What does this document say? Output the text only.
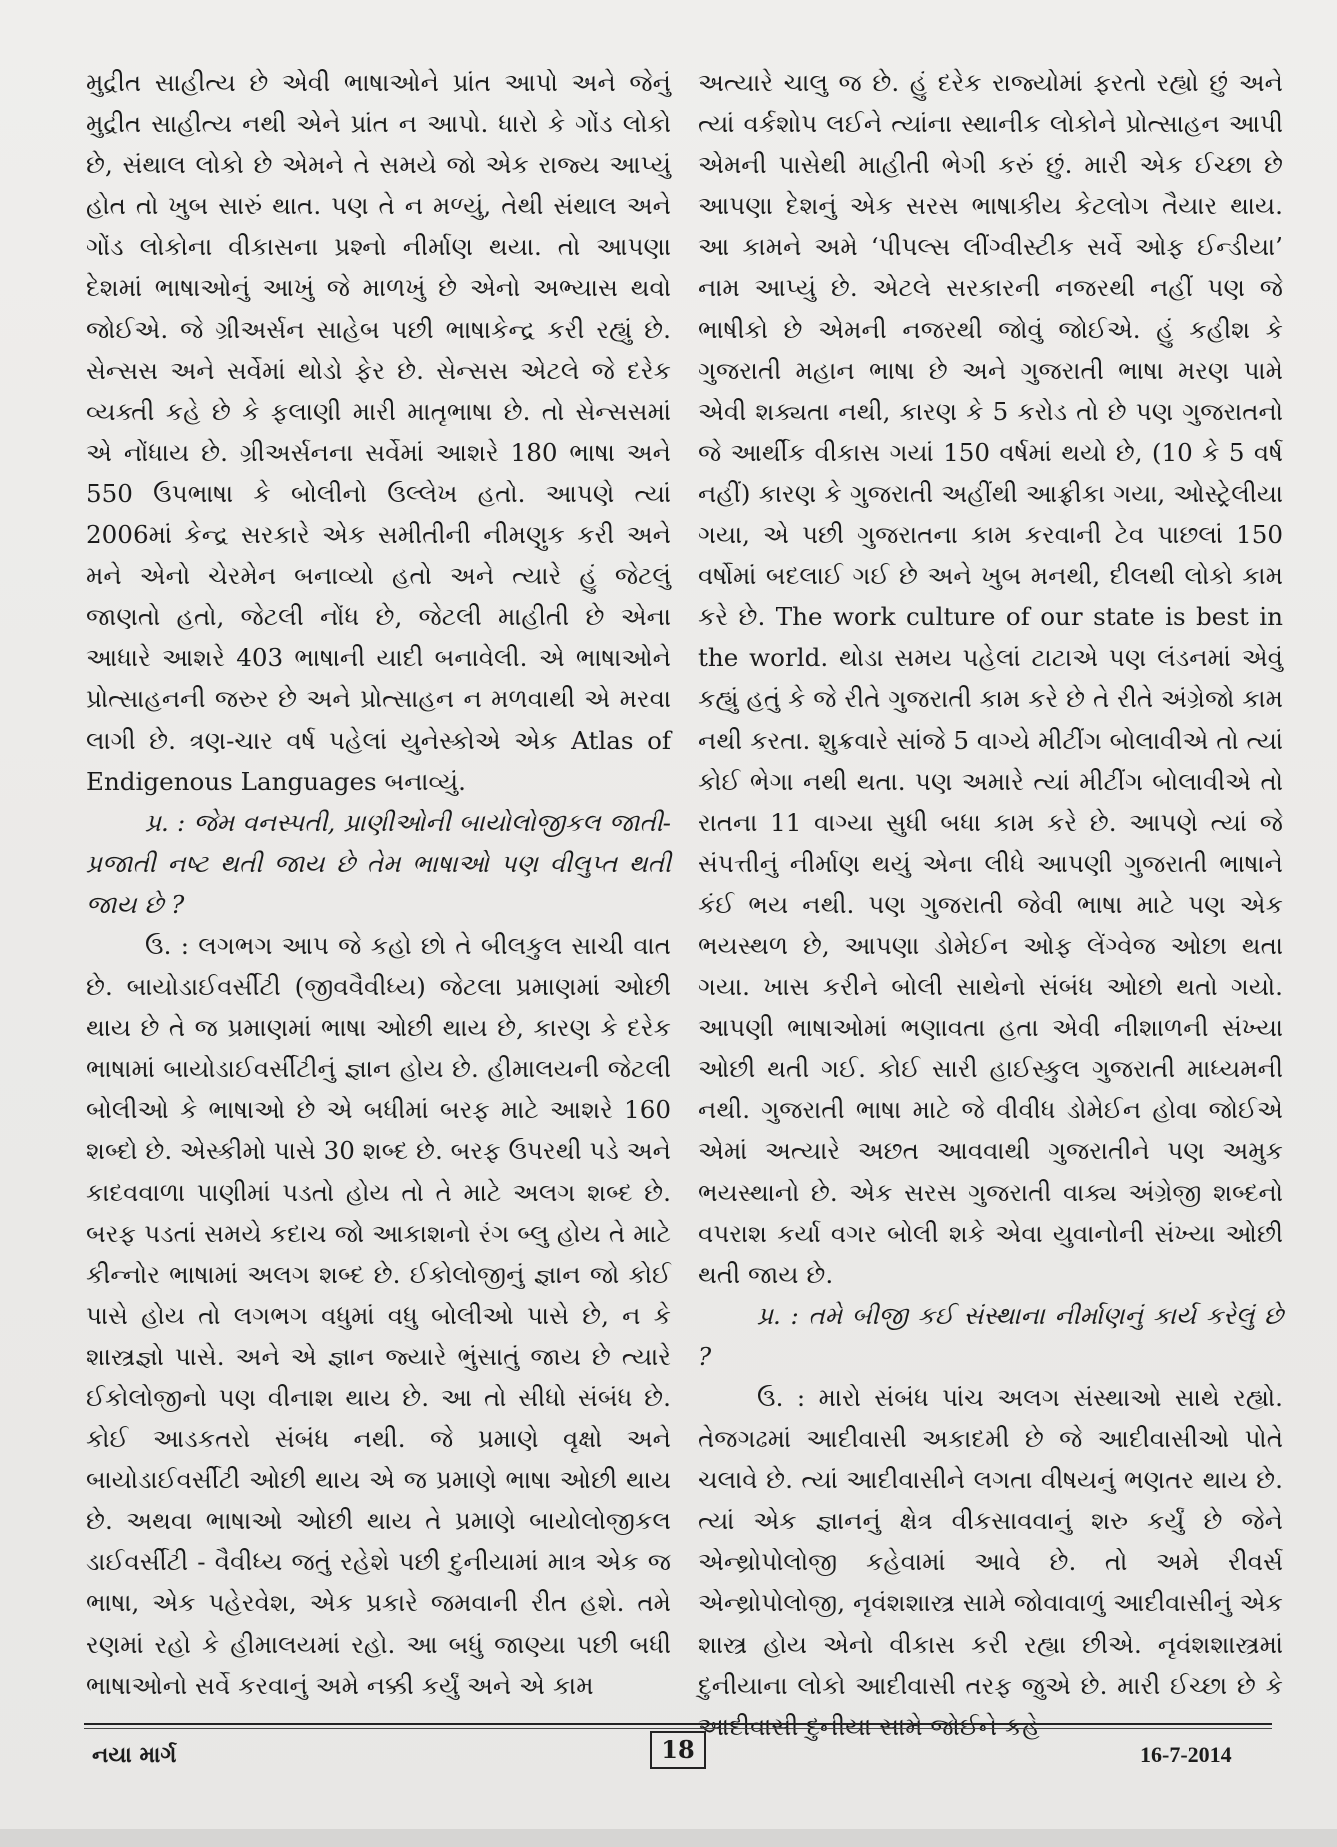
મુદ્રીત સાહીત્ય છે એવી ભાષાઓને પ્રાંત આપો અને જેનું મુદ્રીત સાહીત્ય નથી એને પ્રાંત ન આપો. ધારો કે ગોંડ લોકો છે, સંથાલ લોકો છે એમને તે સમયે જો એક રાજ્ય આપ્યું હોત તો ખુબ સારું થાત. પણ તે ન મળ્યું, તેથી સંથાલ અને ગોંડ લોકોના વીકાસના પ્રશ્નો નીર્માણ થયા. તો આપણા દેશમાં ભાષાઓનું આખું જે માળખું છે એનો અભ્યાસ થવો જોઈએ. જે ગ્રીઅર્સન સાહેબ પછી ભાષાકેન્દ્ર કરી રહ્યું છે. સેન્સસ અને સર્વેમાં થોડો ફેર છે. સેન્સસ એટલે જે દરેક વ્યક્તી કહે છે કે ફલાણી મારી માતૃભાષા છે. તો સેન્સસમાં એ નોંધાય છે. ગ્રીઅર્સનના સર્વેમાં આશરે 180 ભાષા અને 550 ઉપભાષા કે બોલીનો ઉલ્લેખ હતો. આપણે ત્યાં 2006માં કેન્દ્ર સરકારે એક સમીતીની નીમણુક કરી અને મને એનો ચેરમેન બનાવ્યો હતો અને ત્યારે હું જેટલું જાણતો હતો, જેટલી નોંધ છે, જેટલી માહીતી છે એના આધારે આશરે 403 ભાષાની યાદી બનાવેલી. એ ભાષાઓને પ્રોત્સાહનની જરુર છે અને પ્રોત્સાહન ન મળવાથી એ મરવા લાગી છે. ત્રણ-ચાર વર્ષ પહેલાં યુનેસ્કોએ એક Atlas of Endigenous Languages બનાવ્યું.

પ્ર. : જેમ વનસ્પતી, પ્રાણીઓની બાયોલોજીકલ જાતી-પ્રજાતી નષ્ટ થતી જાય છે તેમ ભાષાઓ પણ વીલુપ્ત થતી જાય છે ?

ઉ. : લગભગ આપ જે કહો છો તે બીલકુલ સાચી વાત છે. બાયોડાઈવર્સીટી (જીવવૈવીધ્ય) જેટલા પ્રમાણમાં ઓછી થાય છે તે જ પ્રમાણમાં ભાષા ઓછી થાય છે, કારણ કે દરેક ભાષામાં બાયોડાઈવર્સીટીનું જ્ઞાન હોય છે. હીમાલયની જેટલી બોલીઓ કે ભાષાઓ છે એ બધીમાં બરફ માટે આશરે 160 શબ્દો છે. એસ્કીમો પાસે 30 શબ્દ છે. બરફ ઉપરથી પડે અને કાદવવાળા પાણીમાં પડતો હોય તો તે માટે અલગ શબ્દ છે. બરફ પડતાં સમયે કદાચ જો આકાશનો રંગ બ્લુ હોય તે માટે કીન્નોર ભાષામાં અલગ શબ્દ છે. ઈકોલોજીનું જ્ઞાન જો કોઈ પાસે હોય તો લગભગ વધુમાં વધુ બોલીઓ પાસે છે, ન કે શાસ્ત્રજ્ઞો પાસે. અને એ જ્ઞાન જ્યારે ભુંસાતું જાય છે ત્યારે ઈકોલોજીનો પણ વીનાશ થાય છે. આ તો સીધો સંબંધ છે. કોઈ આડકતરો સંબંધ નથી. જે પ્રમાણે વૃક્ષો અને બાયોડાઈવર્સીટી ઓછી થાય એ જ પ્રમાણે ભાષા ઓછી થાય છે. અથવા ભાષાઓ ઓછી થાય તે પ્રમાણે બાયોલોજીકલ ડાઈવર્સીટી - વૈવીધ્ય જતું રહેશે પછી દુનીયામાં માત્ર એક જ ભાષા, એક પહેરવેશ, એક પ્રકારે જમવાની રીત હશે. તમે રણમાં રહો કે હીમાલયમાં રહો. આ બધું જાણ્યા પછી બધી ભાષાઓનો સર્વે કરવાનું અમે નક્કી કર્યું અને એ કામ

અત્યારે ચાલુ જ છે. હું દરેક રાજ્યોમાં ફરતો રહ્યો છું અને ત્યાં વર્કશોપ લઈને ત્યાંના સ્થાનીક લોકોને પ્રોત્સાહન આપી એમની પાસેથી માહીતી ભેગી કરું છું. મારી એક ઈચ્છા છે આપણા દેશનું એક સરસ ભાષાકીય કેટલોગ તૈયાર થાય. આ કામને અમે ‘પીપલ્સ લીંગ્વીસ્ટીક સર્વે ઓફ ઈન્ડીયા’ નામ આપ્યું છે. એટલે સરકારની નજરથી નહીં પણ જે ભાષીકો છે એમની નજરથી જોવું જોઈએ. હું કહીશ કે ગુજરાતી મહાન ભાષા છે અને ગુજરાતી ભાષા મરણ પામે એવી શક્યતા નથી, કારણ કે 5 કરોડ તો છે પણ ગુજરાતનો જે આર્થીક વીકાસ ગયાં 150 વર્ષમાં થયો છે, (10 કે 5 વર્ષ નહીં) કારણ કે ગુજરાતી અહીંથી આફ્રીકા ગયા, ઓસ્ટ્રેલીયા ગયા, એ પછી ગુજરાતના કામ કરવાની ટેવ પાછલાં 150 વર્ષોમાં બદલાઈ ગઈ છે અને ખુબ મનથી, દીલથી લોકો કામ કરે છે. The work culture of our state is best in the world. થોડા સમય પહેલાં ટાટાએ પણ લંડનમાં એવું કહ્યું હતું કે જે રીતે ગુજરાતી કામ કરે છે તે રીતે અંગ્રેજો કામ નથી કરતા. શુક્રવારે સાંજે 5 વાગ્યે મીટીંગ બોલાવીએ તો ત્યાં કોઈ ભેગા નથી થતા. પણ અમારે ત્યાં મીટીંગ બોલાવીએ તો રાતના 11 વાગ્યા સુધી બધા કામ કરે છે. આપણે ત્યાં જે સંપત્તીનું નીર્માણ થયું એના લીધે આપણી ગુજરાતી ભાષાને કંઈ ભય નથી. પણ ગુજરાતી જેવી ભાષા માટે પણ એક ભયસ્થળ છે, આપણા ડોમેઈન ઓફ લેંગ્વેજ ઓછા થતા ગયા. ખાસ કરીને બોલી સાથેનો સંબંધ ઓછો થતો ગયો. આપણી ભાષાઓમાં ભણાવતા હતા એવી નીશાળની સંખ્યા ઓછી થતી ગઈ. કોઈ સારી હાઈસ્કુલ ગુજરાતી માધ્યમની નથી. ગુજરાતી ભાષા માટે જે વીવીધ ડોમેઈન હોવા જોઈએ એમાં અત્યારે અછત આવવાથી ગુજરાતીને પણ અમુક ભયસ્થાનો છે. એક સરસ ગુજરાતી વાક્ય અંગ્રેજી શબ્દનો વપરાશ કર્યા વગર બોલી શકે એવા યુવાનોની સંખ્યા ઓછી થતી જાય છે.

પ્ર. : તમે બીજી કઈ સંસ્થાના નીર્માણનું કાર્ય કરેલું છે ?

ઉ. : મારો સંબંધ પાંચ અલગ સંસ્થાઓ સાથે રહ્યો. તેજગઢમાં આદીવાસી અકાદમી છે જે આદીવાસીઓ પોતે ચલાવે છે. ત્યાં આદીવાસીને લગતા વીષયનું ભણતર થાય છે. ત્યાં એક જ્ઞાનનું ક્ષેત્ર વીકસાવવાનું શરુ કર્યું છે જેને એન્થ્રોપોલોજી કહેવામાં આવે છે. તો અમે રીવર્સ એન્થ્રોપોલોજી, નૃવંશશાસ્ત્ર સામે જોવાવાળું આદીવાસીનું એક શાસ્ત્ર હોય એનો વીકાસ કરી રહ્યા છીએ. નૃવંશશાસ્ત્રમાં દુનીયાના લોકો આદીવાસી તરફ જુએ છે. મારી ઈચ્છા છે કે આદીવાસી દુનીયા સામે જોઈને કહે

નયા માર્ગ	18	16-7-2014
